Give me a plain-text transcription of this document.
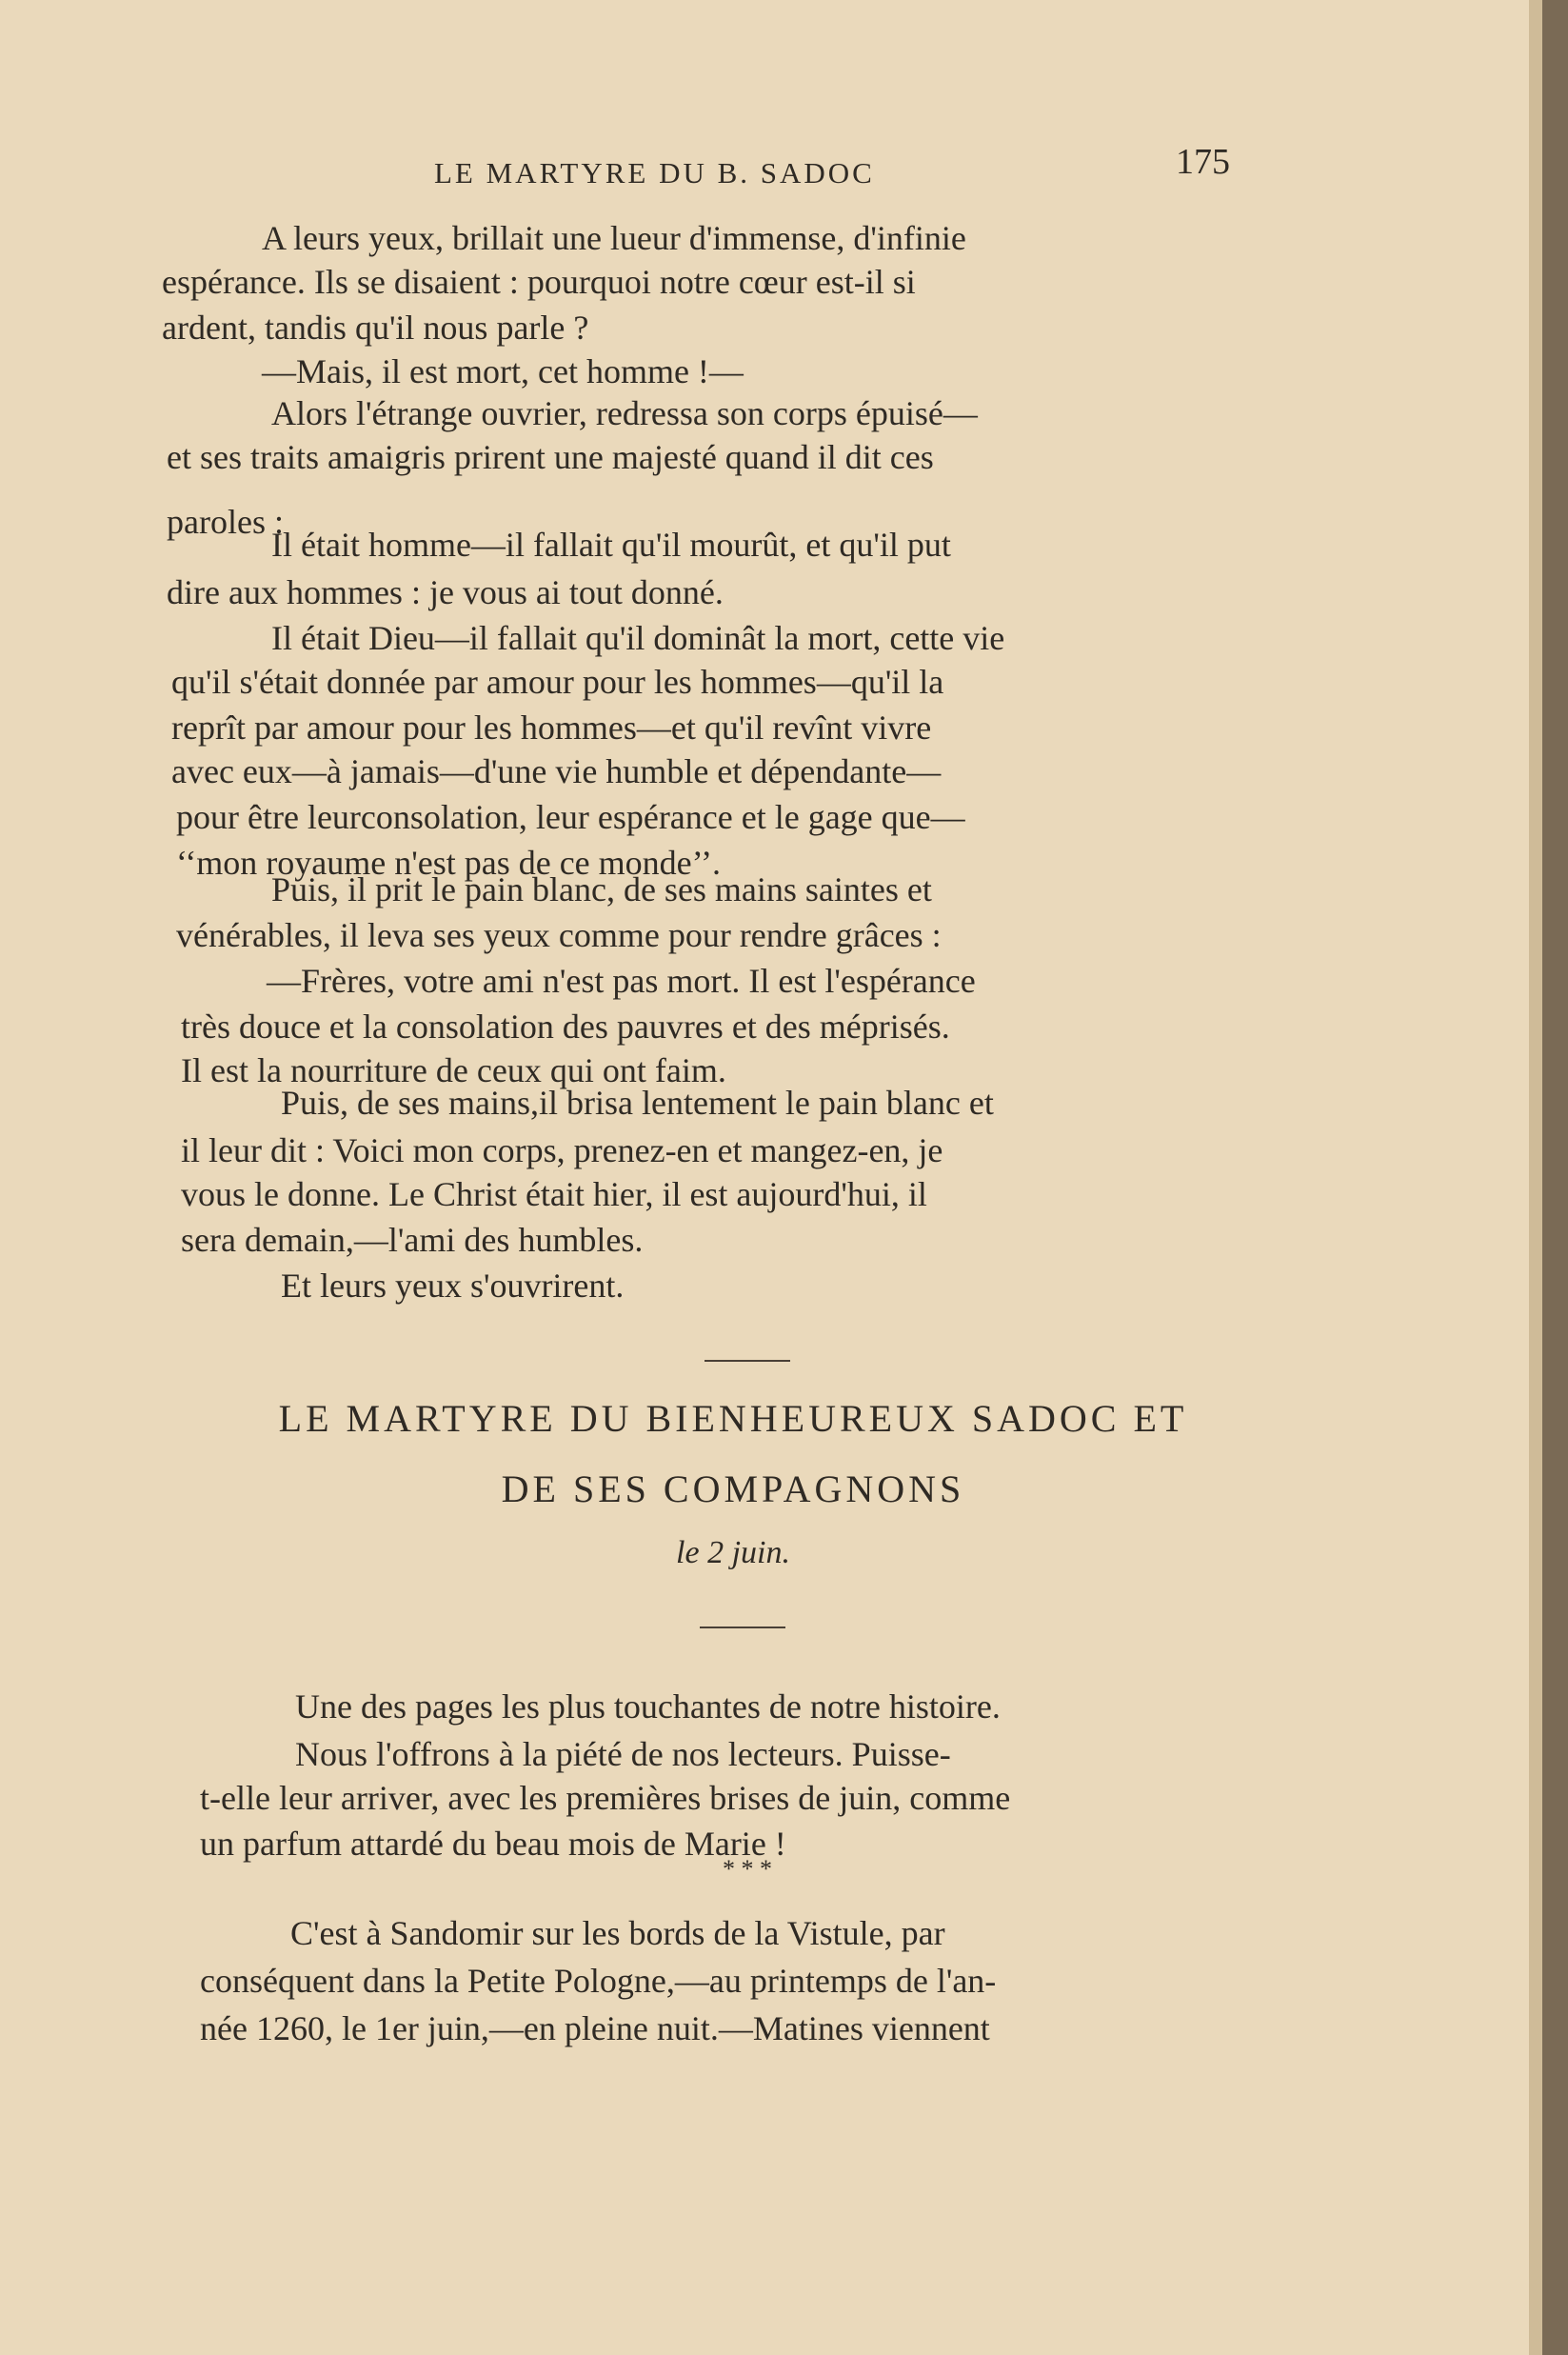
LE MARTYRE DU B. SADOC	175
A leurs yeux, brillait une lueur d'immense, d'infinie
espérance. Ils se disaient : pourquoi notre cœur est-il si
ardent, tandis qu'il nous parle ?
—Mais, il est mort, cet homme !—
Alors l'étrange ouvrier, redressa son corps épuisé—
et ses traits amaigris prirent une majesté quand il dit ces
paroles :
Il était homme—il fallait qu'il mourût, et qu'il put
dire aux hommes : je vous ai tout donné.
Il était Dieu—il fallait qu'il dominât la mort, cette vie
qu'il s'était donnée par amour pour les hommes—qu'il la
reprît par amour pour les hommes—et qu'il revînt vivre
avec eux—à jamais—d'une vie humble et dépendante—
pour être leurconsolation, leur espérance et le gage que—
‘‘mon royaume n'est pas de ce monde’’.
Puis, il prit le pain blanc, de ses mains saintes et
vénérables, il leva ses yeux comme pour rendre grâces :
—Frères, votre ami n'est pas mort. Il est l'espérance
très douce et la consolation des pauvres et des méprisés.
Il est la nourriture de ceux qui ont faim.
Puis, de ses mains,il brisa lentement le pain blanc et
il leur dit : Voici mon corps, prenez-en et mangez-en, je
vous le donne. Le Christ était hier, il est aujourd'hui, il
sera demain,—l'ami des humbles.
Et leurs yeux s'ouvrirent.
LE MARTYRE DU BIENHEUREUX SADOC ET
DE SES COMPAGNONS
le 2 juin.
Une des pages les plus touchantes de notre histoire.
Nous l'offrons à la piété de nos lecteurs. Puisse-
t-elle leur arriver, avec les premières brises de juin, comme
un parfum attardé du beau mois de Marie !
* * *
C'est à Sandomir sur les bords de la Vistule, par
conséquent dans la Petite Pologne,—au printemps de l'an-
née 1260, le 1er juin,—en pleine nuit.—Matines viennent
